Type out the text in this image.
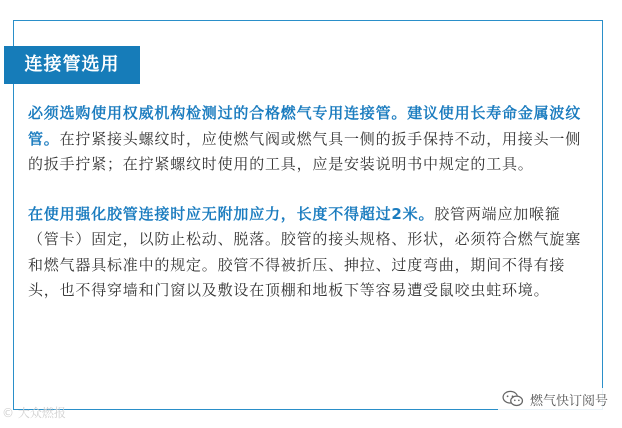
连接管选用

必须选购使用权威机构检测过的合格燃气专用连接管。建议使用长寿命金属波纹管。在拧紧接头螺纹时，应使燃气阀或燃气具一侧的扳手保持不动，用接头一侧的扳手拧紧；在拧紧螺纹时使用的工具，应是安装说明书中规定的工具。

在使用强化胶管连接时应无附加应力，长度不得超过2米。胶管两端应加喉箍（管卡）固定，以防止松动、脱落。胶管的接头规格、形状，必须符合燃气旋塞和燃气器具标准中的规定。胶管不得被折压、抻拉、过度弯曲，期间不得有接头，也不得穿墙和门窗以及敷设在顶棚和地板下等容易遭受鼠咬虫蛀环境。

© 大众燃报
燃气快订阅号
